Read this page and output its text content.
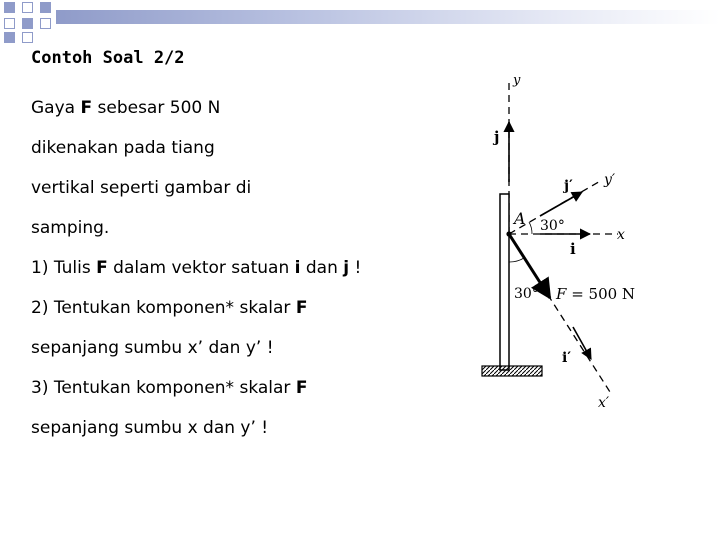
Contoh Soal 2/2
Gaya F sebesar 500 N
dikenakan pada tiang
vertikal seperti gambar di
samping.
1) Tulis F dalam vektor satuan i dan j !
2) Tentukan komponen* skalar F
sepanjang sumbu x’ dan y’ !
3) Tentukan komponen* skalar F
sepanjang sumbu x dan y’ !
y
j
j′ y′
A 30°
x
i
30° F = 500 N
i′
x′
